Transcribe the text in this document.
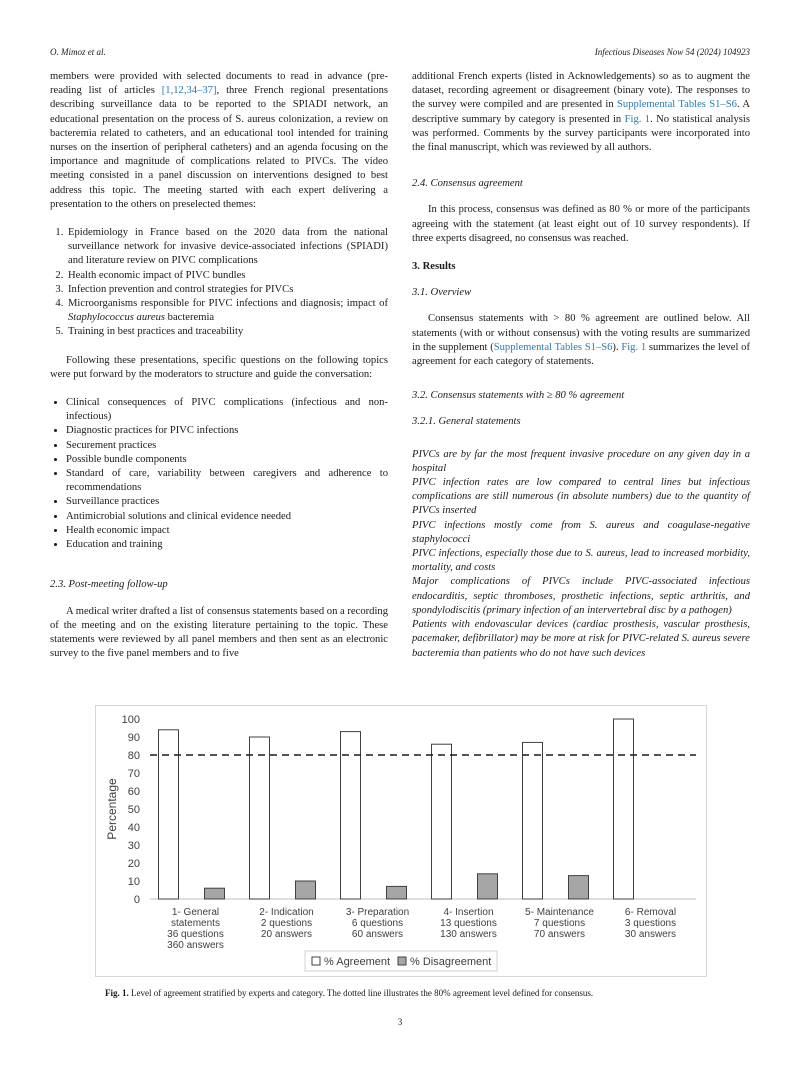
O. Mimoz et al.	Infectious Diseases Now 54 (2024) 104923

members were provided with selected documents to read in advance (pre-reading list of articles [1,12,34–37], three French regional presentations describing surveillance data to be reported to the SPIADI network, an educational presentation on the process of S. aureus colonization, a review on bacteremia related to catheters, and an educational tool intended for training nurses on the insertion of peripheral catheters) and an agenda focusing on the importance and magnitude of complications related to PIVCs. The video meeting consisted in a panel discussion on interventions designed to best address this topic. The meeting started with each expert delivering a presentation to the others on preselected themes:

1. Epidemiology in France based on the 2020 data from the national surveillance network for invasive device-associated infections (SPIADI) and literature review on PIVC complications
2. Health economic impact of PIVC bundles
3. Infection prevention and control strategies for PIVCs
4. Microorganisms responsible for PIVC infections and diagnosis; impact of Staphylococcus aureus bacteremia
5. Training in best practices and traceability

Following these presentations, specific questions on the following topics were put forward by the moderators to structure and guide the conversation:

• Clinical consequences of PIVC complications (infectious and non-infectious)
• Diagnostic practices for PIVC infections
• Securement practices
• Possible bundle components
• Standard of care, variability between caregivers and adherence to recommendations
• Surveillance practices
• Antimicrobial solutions and clinical evidence needed
• Health economic impact
• Education and training
2.3. Post-meeting follow-up

A medical writer drafted a list of consensus statements based on a recording of the meeting and on the existing literature pertaining to the topic. These statements were reviewed by all panel members and then sent as an electronic survey to the five panel members and to five

additional French experts (listed in Acknowledgements) so as to augment the dataset, recording agreement or disagreement (binary vote). The responses to the survey were compiled and are presented in Supplemental Tables S1–S6. A descriptive summary by category is presented in Fig. 1. No statistical analysis was performed. Comments by the survey participants were incorporated into the final manuscript, which was reviewed by all authors.

2.4. Consensus agreement

In this process, consensus was defined as 80 % or more of the participants agreeing with the statement (at least eight out of 10 survey respondents). If three experts disagreed, no consensus was reached.

3. Results
3.1. Overview

Consensus statements with > 80 % agreement are outlined below. All statements (with or without consensus) with the voting results are summarized in the supplement (Supplemental Tables S1–S6). Fig. 1 summarizes the level of agreement for each category of statements.

3.2. Consensus statements with ≥ 80 % agreement
3.2.1. General statements

PIVCs are by far the most frequent invasive procedure on any given day in a hospital

PIVC infection rates are low compared to central lines but infectious complications are still numerous (in absolute numbers) due to the quantity of PIVCs inserted

PIVC infections mostly come from S. aureus and coagulase-negative staphylococci

PIVC infections, especially those due to S. aureus, lead to increased morbidity, mortality, and costs

Major complications of PIVCs include PIVC-associated infectious endocarditis, septic thromboses, prosthetic infections, septic arthritis, and spondylodiscitis (primary infection of an intervertebral disc by a pathogen)

Patients with endovascular devices (cardiac prosthesis, vascular prosthesis, pacemaker, defibrillator) may be more at risk for PIVC-related S. aureus severe bacteremia than patients who do not have such devices

0
10
20
30
40
50
60
70
80
90
100
Percentage
1- General
statements
36 questions
360 answers
2- Indication
2 questions
20 answers
3- Preparation
6 questions
60 answers
4- Insertion
13 questions
130 answers
5- Maintenance
7 questions
70 answers
6- Removal
3 questions
30 answers
% Agreement % Disagreement
Fig. 1. Level of agreement stratified by experts and category. The dotted line illustrates the 80% agreement level defined for consensus.
3
